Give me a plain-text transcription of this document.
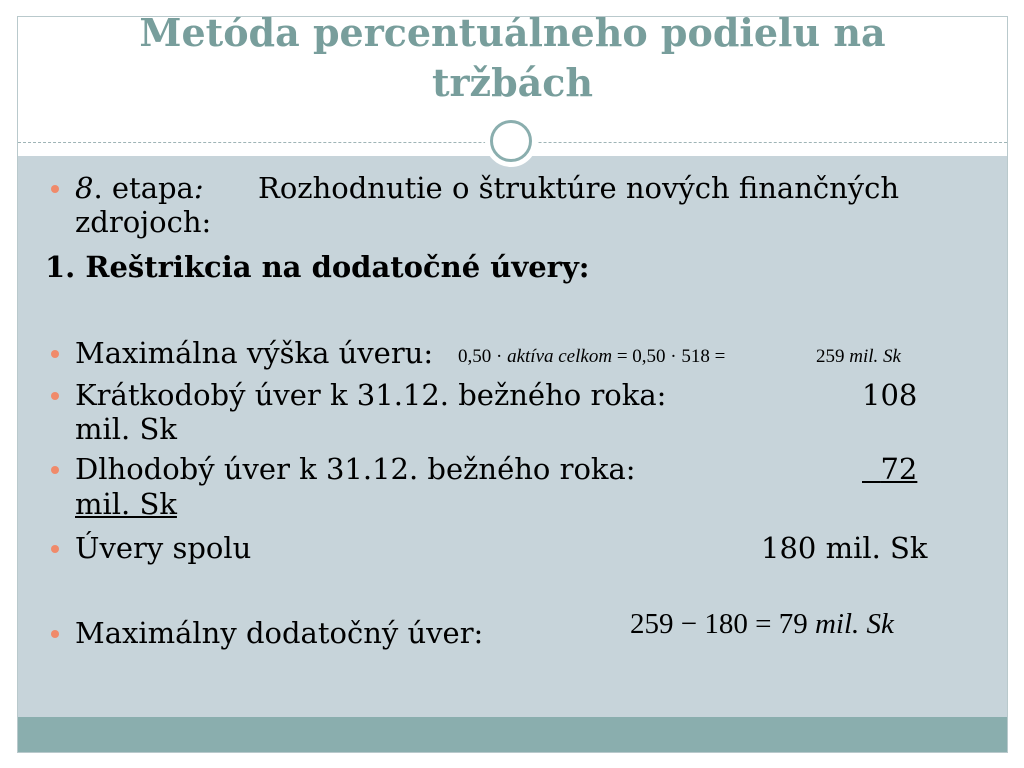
Metóda percentuálneho podielu na
tržbách
8. etapa: Rozhodnutie o štruktúre nových finančných
zdrojoch:
1. Reštrikcia na dodatočné úvery:
Maximálna výška úveru: 0,50 · aktíva celkom = 0,50 · 518 =	259 mil. Sk
Krátkodobý úver k 31.12. bežného roka:	108
mil. Sk
Dlhodobý úver k 31.12. bežného roka:	72
mil. Sk
Úvery spolu	180 mil. Sk
Maximálny dodatočný úver:	259 − 180 = 79 mil. Sk
